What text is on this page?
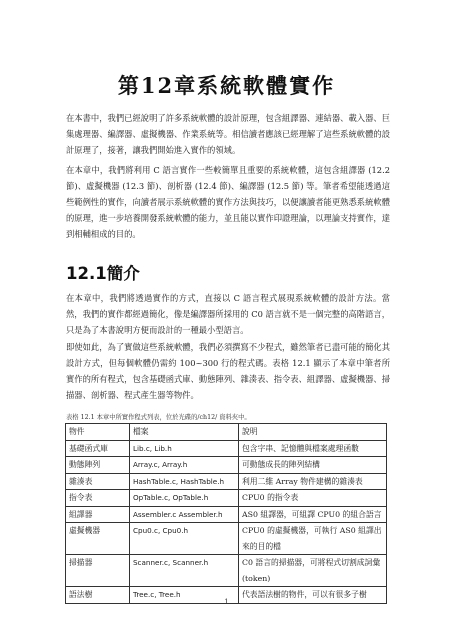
第12章系統軟體實作

在本書中，我們已經說明了許多系統軟體的設計原理，包含組譯器、連結器、載入器、巨集處理器、編譯器、虛擬機器、作業系統等。相信讀者應該已經理解了這些系統軟體的設計原理了，接著，讓我們開始進入實作的領域。

在本章中，我們將利用 C 語言實作一些較簡單且重要的系統軟體，這包含組譯器 (12.2 節)、虛擬機器 (12.3 節)、剖析器 (12.4 節)、編譯器 (12.5 節) 等。筆者希望能透過這些範例性的實作，向讀者展示系統軟體的實作方法與技巧，以便讓讀者能更熟悉系統軟體的原理，進一步培養開發系統軟體的能力，並且能以實作印證理論，以理論支持實作，達到相輔相成的目的。

12.1簡介

在本章中，我們將透過實作的方式，直接以 C 語言程式展現系統軟體的設計方法。當然，我們的實作都經過簡化，像是編譯器所採用的 C0 語言就不是一個完整的高階語言，只是為了本書說明方便而設計的一種最小型語言。

即使如此，為了實做這些系統軟體，我們必須撰寫不少程式，雖然筆者已盡可能的簡化其設計方式，但每個軟體仍需約 100~300 行的程式碼。表格 12.1 顯示了本章中筆者所實作的所有程式，包含基礎函式庫、動態陣列、雜湊表、指令表、組譯器、虛擬機器、掃描器、剖析器、程式產生器等物件。

表格 12.1 本章中所實作程式列表，位於光碟的/ch12/ 資料夾中。

物件	檔案	說明
基礎函式庫	Lib.c, Lib.h	包含字串、記憶體與檔案處理函數
動態陣列	Array.c, Array.h	可動態成長的陣列結構
雜湊表	HashTable.c, HashTable.h	利用二維 Array 物件建構的雜湊表
指令表	OpTable.c, OpTable.h	CPU0 的指令表
組譯器	Assembler.c Assembler.h	AS0 組譯器，可組譯 CPU0 的組合語言
虛擬機器	Cpu0.c, Cpu0.h	CPU0 的虛擬機器，可執行 AS0 組譯出來的目的檔
掃描器	Scanner.c, Scanner.h	C0 語言的掃描器，可將程式切割成詞彙 (token)
語法樹	Tree.c, Tree.h	代表語法樹的物件，可以有很多子樹
1
